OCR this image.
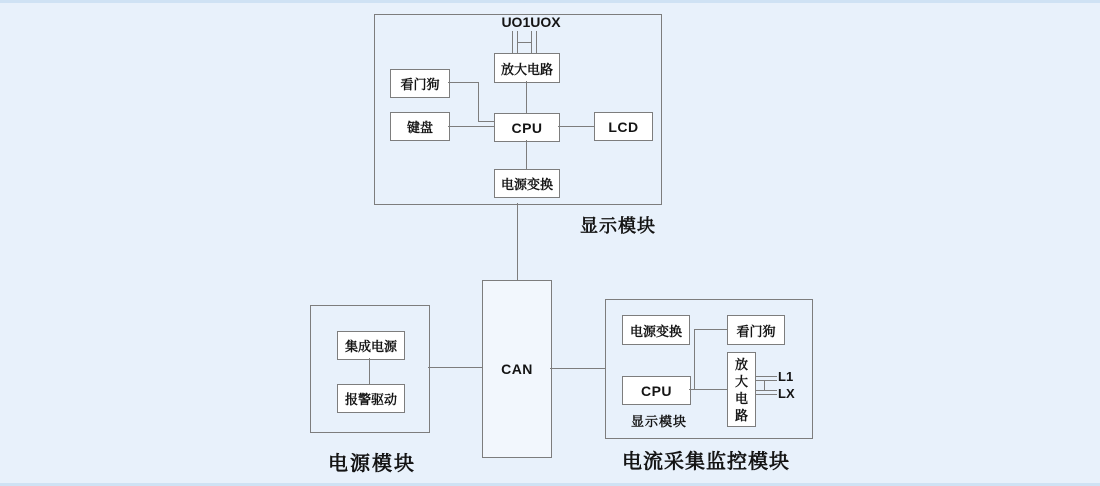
UO1UOX
放大电路
看门狗
键盘	CPU	LCD
电源变换
显示模块
CAN
集成电源
报警驱动
电源模块
电源变换	看门狗
CPU
放大电路
显示模块
L1
LX
电流采集监控模块
